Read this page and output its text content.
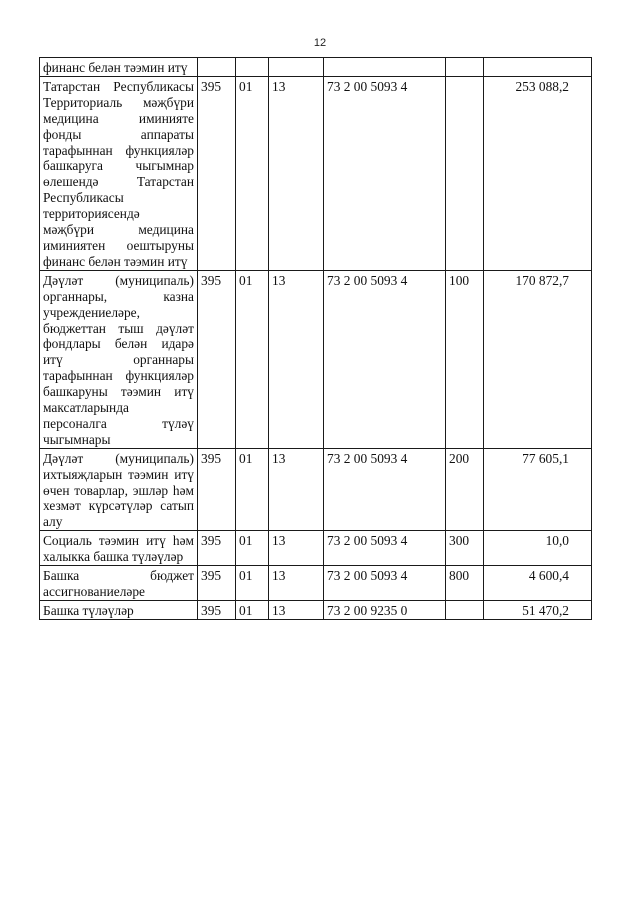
12
финанс белән тәэмин итү						
Татарстан Республикасы Территориаль мәҗбүри медицина иминияте фонды аппараты тарафыннан функцияләр башкаруга чыгымнар өлешендә Татарстан Республикасы территориясендә мәҗбүри медицина иминиятен оештыруны финанс белән тәэмин итү	395	01	13	73 2 00 5093 4		253 088,2
Дәүләт (муниципаль) органнары, казна учреждениеләре, бюджеттан тыш дәүләт фондлары белән идарә итү органнары тарафыннан функцияләр башкаруны тәэмин итү максатларында персоналга түләү чыгымнары	395	01	13	73 2 00 5093 4	100	170 872,7
Дәүләт (муниципаль) ихтыяҗларын тәэмин итү өчен товарлар, эшләр һәм хезмәт күрсәтүләр сатып алу	395	01	13	73 2 00 5093 4	200	77 605,1
Социаль тәэмин итү һәм халыкка башка түләүләр	395	01	13	73 2 00 5093 4	300	10,0
Башка бюджет ассигнованиеләре	395	01	13	73 2 00 5093 4	800	4 600,4
Башка түләүләр	395	01	13	73 2 00 9235 0		51 470,2
